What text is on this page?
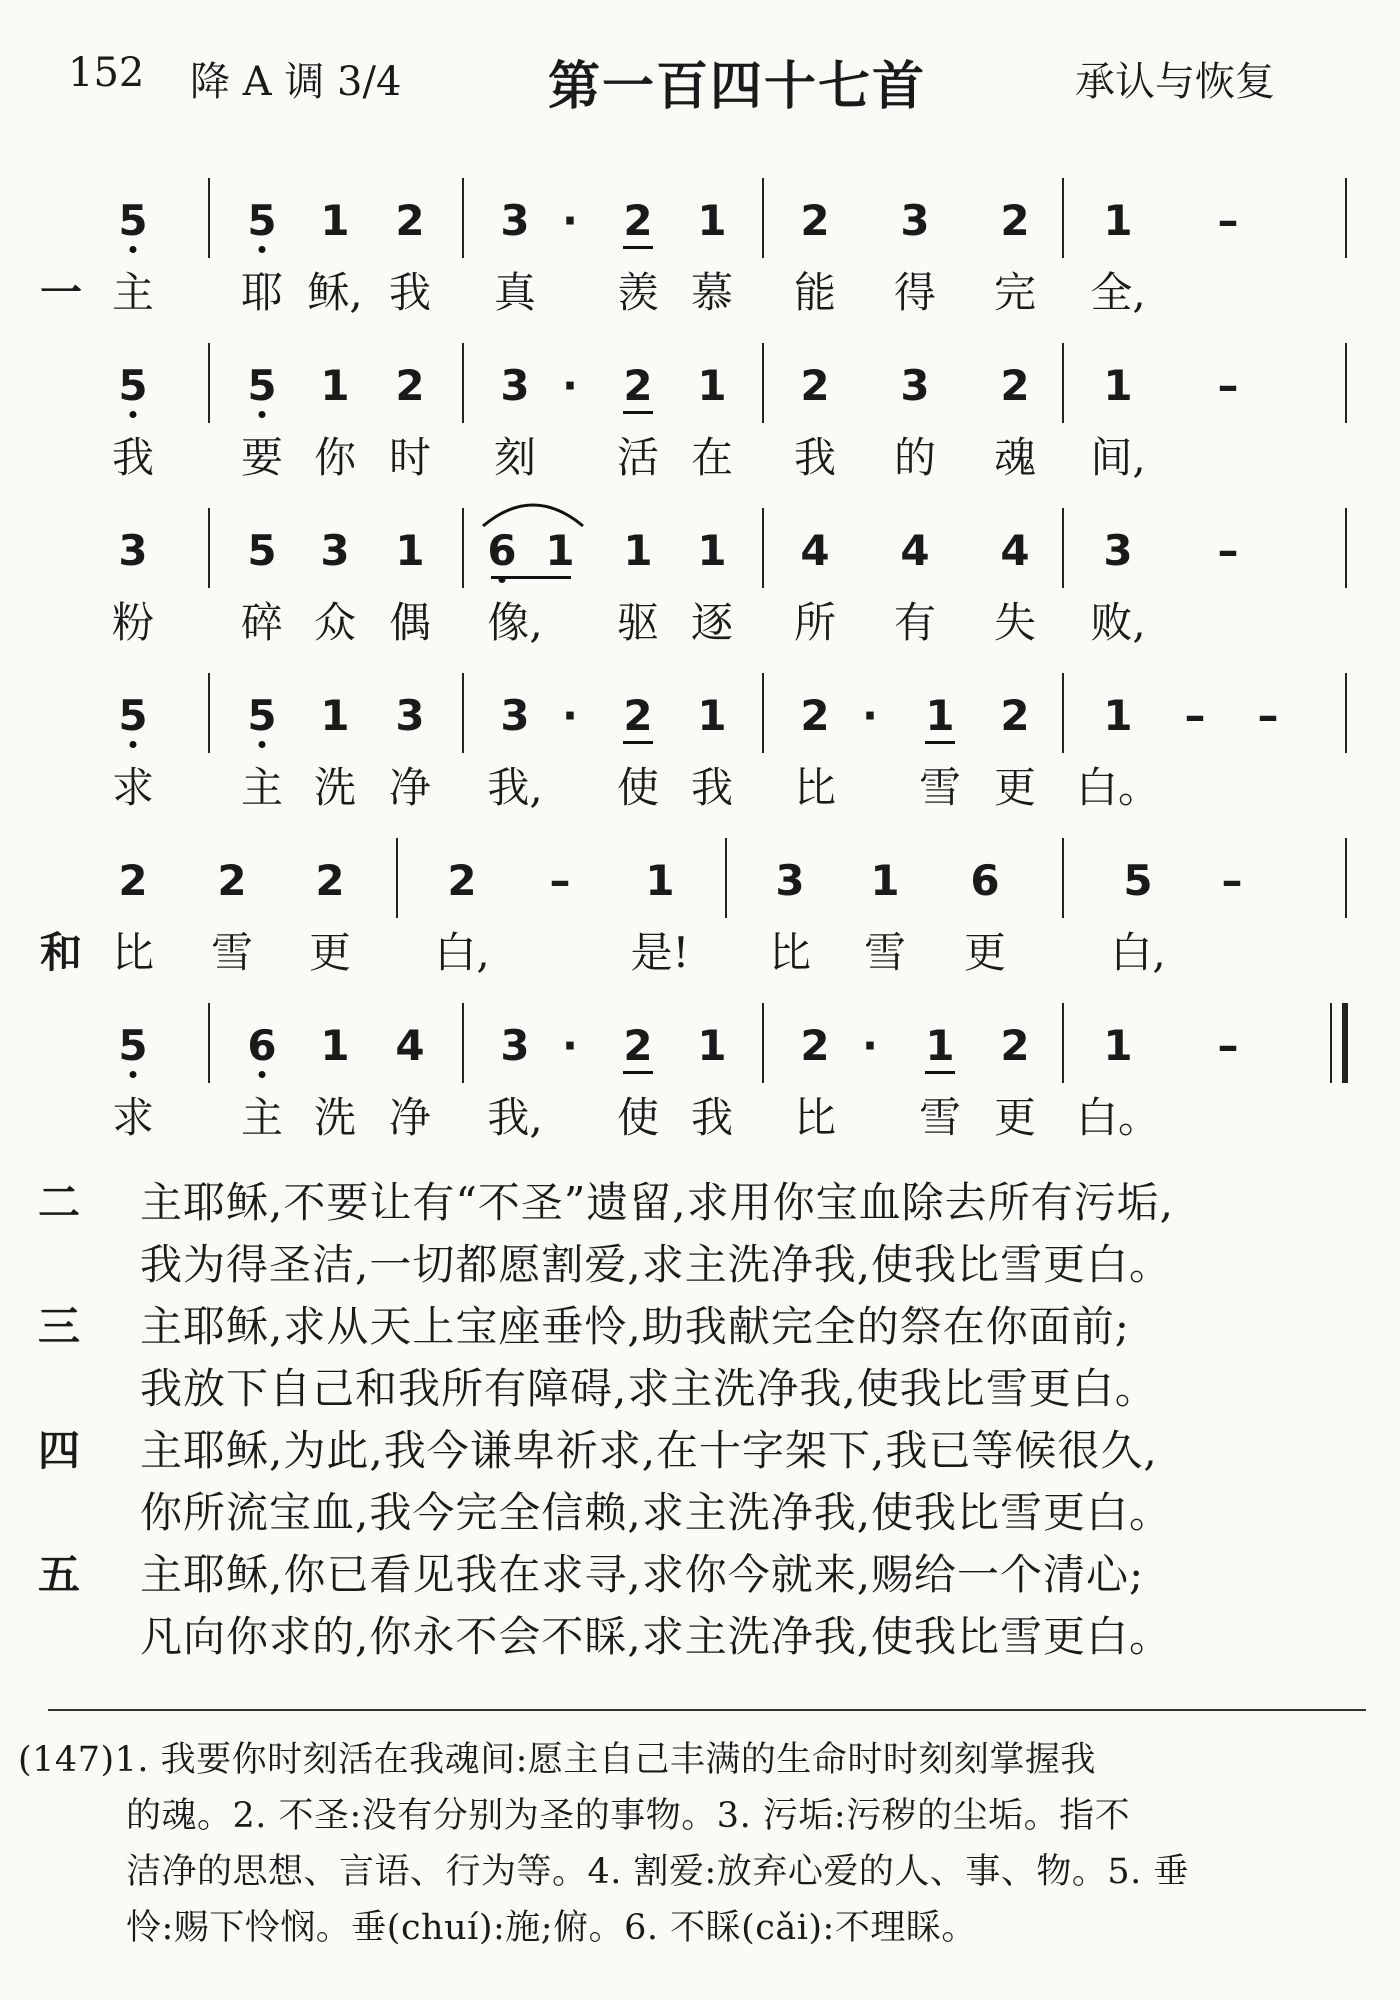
152 降 A 调 3/4	第一百四十七首	承认与恢复
一
5 5 1 2 3 · 2 1 2 3 2 1 –
主 耶 稣, 我 真 羡 慕 能 得 完 全,
5 5 1 2 3 · 2 1 2 3 2 1 –
我 要 你 时 刻 活 在 我 的 魂 间,
3 5 3 1 6 1 1 1 4 4 4 3 –
粉 碎 众 偶 像, 驱 逐 所 有 失 败,
5 5 1 3 3 · 2 1 2 · 1 2 1 – –
求 主 洗 净 我, 使 我 比 雪 更 白。
和
2 2 2 2 – 1 3 1 6	5 –
比 雪 更 白,	是! 比 雪 更 白,
5 6 1 4 3 · 2 1 2 · 1 2 1 –
求 主 洗 净 我, 使 我 比 雪 更 白。
二 主耶稣,不要让有“不圣”遗留,求用你宝血除去所有污垢,
我为得圣洁,一切都愿割爱,求主洗净我,使我比雪更白。
三 主耶稣,求从天上宝座垂怜,助我献完全的祭在你面前;
我放下自己和我所有障碍,求主洗净我,使我比雪更白。
四 主耶稣,为此,我今谦卑祈求,在十字架下,我已等候很久,
你所流宝血,我今完全信赖,求主洗净我,使我比雪更白。
五 主耶稣,你已看见我在求寻,求你今就来,赐给一个清心;
凡向你求的,你永不会不睬,求主洗净我,使我比雪更白。
(147)1. 我要你时刻活在我魂间:愿主自己丰满的生命时时刻刻掌握我
的魂。2. 不圣:没有分别为圣的事物。3. 污垢:污秽的尘垢。指不
洁净的思想、言语、行为等。4. 割爱:放弃心爱的人、事、物。5. 垂
怜:赐下怜悯。垂(chuí):施;俯。6. 不睬(cǎi):不理睬。
